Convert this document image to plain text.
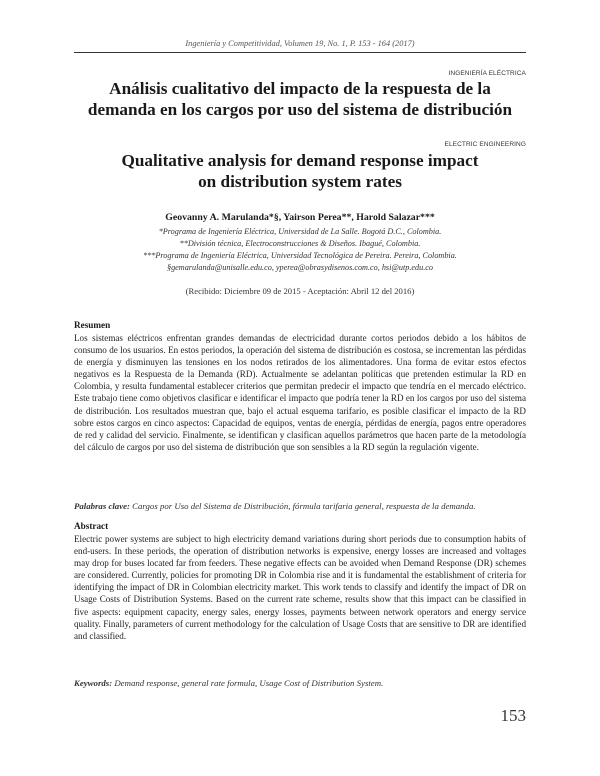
Ingeniería y Competitividad, Volumen 19, No. 1, P. 153 - 164 (2017)
INGENIERÍA ELÉCTRICA
Análisis cualitativo del impacto de la respuesta de la
demanda en los cargos por uso del sistema de distribución
ELECTRIC ENGINEERING
Qualitative analysis for demand response impact
on distribution system rates
Geovanny A. Marulanda*§, Yairson Perea**, Harold Salazar***
*Programa de Ingeniería Eléctrica, Universidad de La Salle. Bogotá D.C., Colombia.
**División técnica, Electroconstrucciones & Diseños. Ibagué, Colombia.
***Programa de Ingeniería Eléctrica, Universidad Tecnológica de Pereira. Pereira, Colombia.
§gemarulanda@unisalle.edu.co, yperea@obrasydisenos.com.co, hsi@utp.edu.co
(Recibido: Diciembre 09 de 2015 - Aceptación: Abril 12 del 2016)
Resumen
Los sistemas eléctricos enfrentan grandes demandas de electricidad durante cortos periodos debido a los hábitos de consumo de los usuarios. En estos periodos, la operación del sistema de distribución es costosa, se incrementan las pérdidas de energía y disminuyen las tensiones en los nodos retirados de los alimentadores. Una forma de evitar estos efectos negativos es la Respuesta de la Demanda (RD). Actualmente se adelantan políticas que pretenden estimular la RD en Colombia, y resulta fundamental establecer criterios que permitan predecir el impacto que tendría en el mercado eléctrico. Este trabajo tiene como objetivos clasificar e identificar el impacto que podría tener la RD en los cargos por uso del sistema de distribución. Los resultados muestran que, bajo el actual esquema tarifario, es posible clasificar el impacto de la RD sobre estos cargos en cinco aspectos: Capacidad de equipos, ventas de energía, pérdidas de energía, pagos entre operadores de red y calidad del servicio. Finalmente, se identifican y clasifican aquellos parámetros que hacen parte de la metodología del cálculo de cargos por uso del sistema de distribución que son sensibles a la RD según la regulación vigente.
Palabras clave: Cargos por Uso del Sistema de Distribución, fórmula tarifaria general, respuesta de la demanda.
Abstract
Electric power systems are subject to high electricity demand variations during short periods due to consumption habits of end-users. In these periods, the operation of distribution networks is expensive, energy losses are increased and voltages may drop for buses located far from feeders. These negative effects can be avoided when Demand Response (DR) schemes are considered. Currently, policies for promoting DR in Colombia rise and it is fundamental the establishment of criteria for identifying the impact of DR in Colombian electricity market. This work tends to classify and identify the impact of DR on Usage Costs of Distribution Systems. Based on the current rate scheme, results show that this impact can be classified in five aspects: equipment capacity, energy sales, energy losses, payments between network operators and energy service quality. Finally, parameters of current methodology for the calculation of Usage Costs that are sensitive to DR are identified and classified.
Keywords: Demand response, general rate formula, Usage Cost of Distribution System.
153
